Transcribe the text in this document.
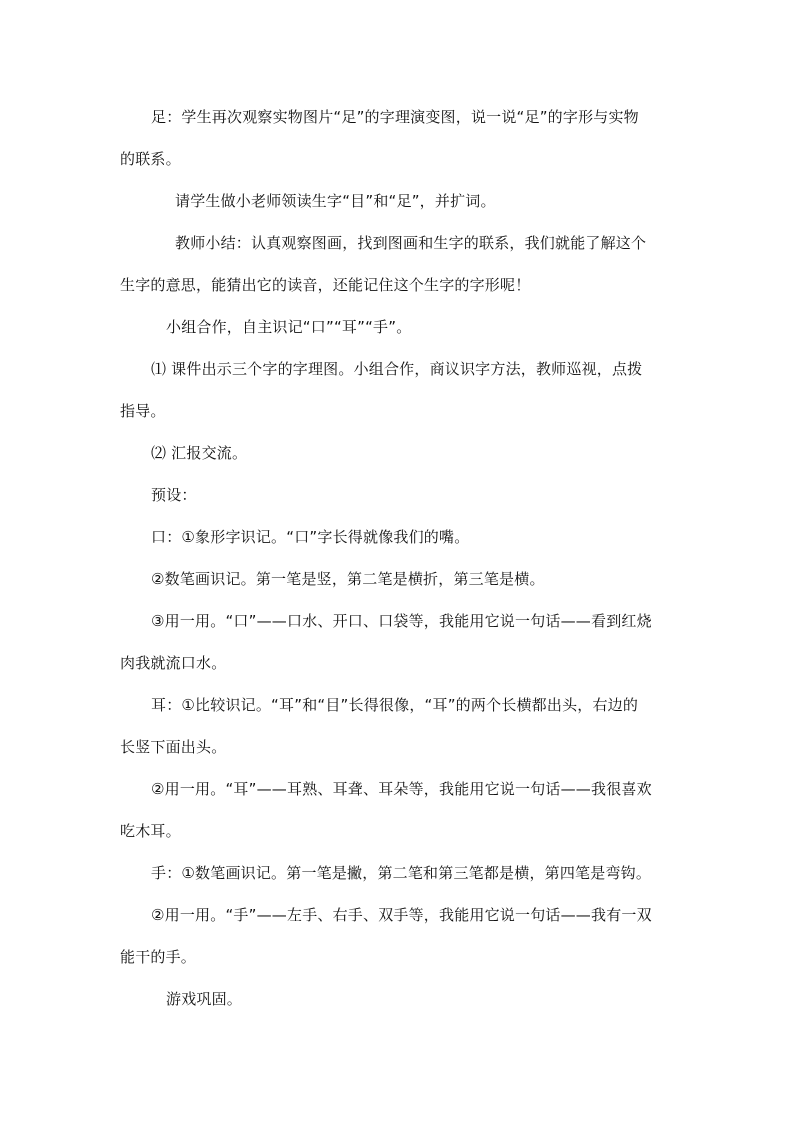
足：学生再次观察实物图片“足”的字理演变图，说一说“足”的字形与实物
的联系。
请学生做小老师领读生字“目”和“足”，并扩词。
教师小结：认真观察图画，找到图画和生字的联系，我们就能了解这个
生字的意思，能猜出它的读音，还能记住这个生字的字形呢！
小组合作，自主识记“口”“耳”“手”。
⑴ 课件出示三个字的字理图。小组合作，商议识字方法，教师巡视，点拨
指导。
⑵ 汇报交流。
预设：
口：①象形字识记。“口”字长得就像我们的嘴。
②数笔画识记。第一笔是竖，第二笔是横折，第三笔是横。
③用一用。“口”——口水、开口、口袋等，我能用它说一句话——看到红烧
肉我就流口水。
耳：①比较识记。“耳”和“目”长得很像，“耳”的两个长横都出头，右边的
长竖下面出头。
②用一用。“耳”——耳熟、耳聋、耳朵等，我能用它说一句话——我很喜欢
吃木耳。
手：①数笔画识记。第一笔是撇，第二笔和第三笔都是横，第四笔是弯钩。
②用一用。“手”——左手、右手、双手等，我能用它说一句话——我有一双
能干的手。
游戏巩固。
